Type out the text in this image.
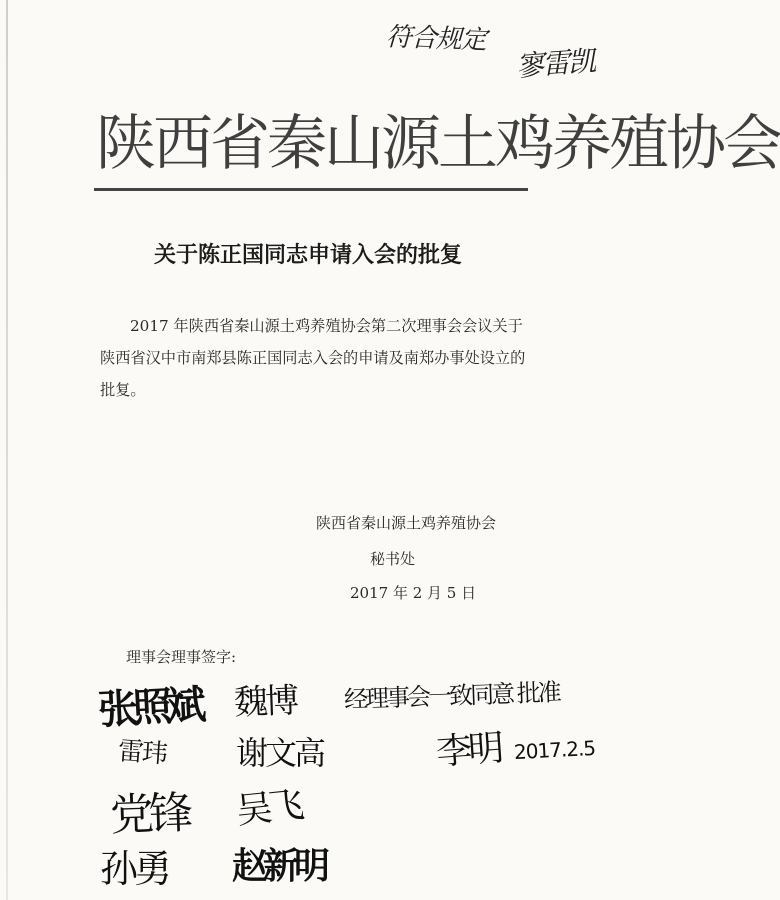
符合规定
寥雷凯
陕西省秦山源土鸡养殖协会
关于陈正国同志申请入会的批复
2017 年陕西省秦山源土鸡养殖协会第二次理事会会议关于陕西省汉中市南郑县陈正国同志入会的申请及南郑办事处设立的批复。
陕西省秦山源土鸡养殖协会
秘书处
2017 年 2 月 5 日
理事会理事签字:
张照斌 魏博
雷玮 谢文高
党锋 吴飞
孙勇 赵新明
经理事会一致同意 批准
李明 2017.2.5
